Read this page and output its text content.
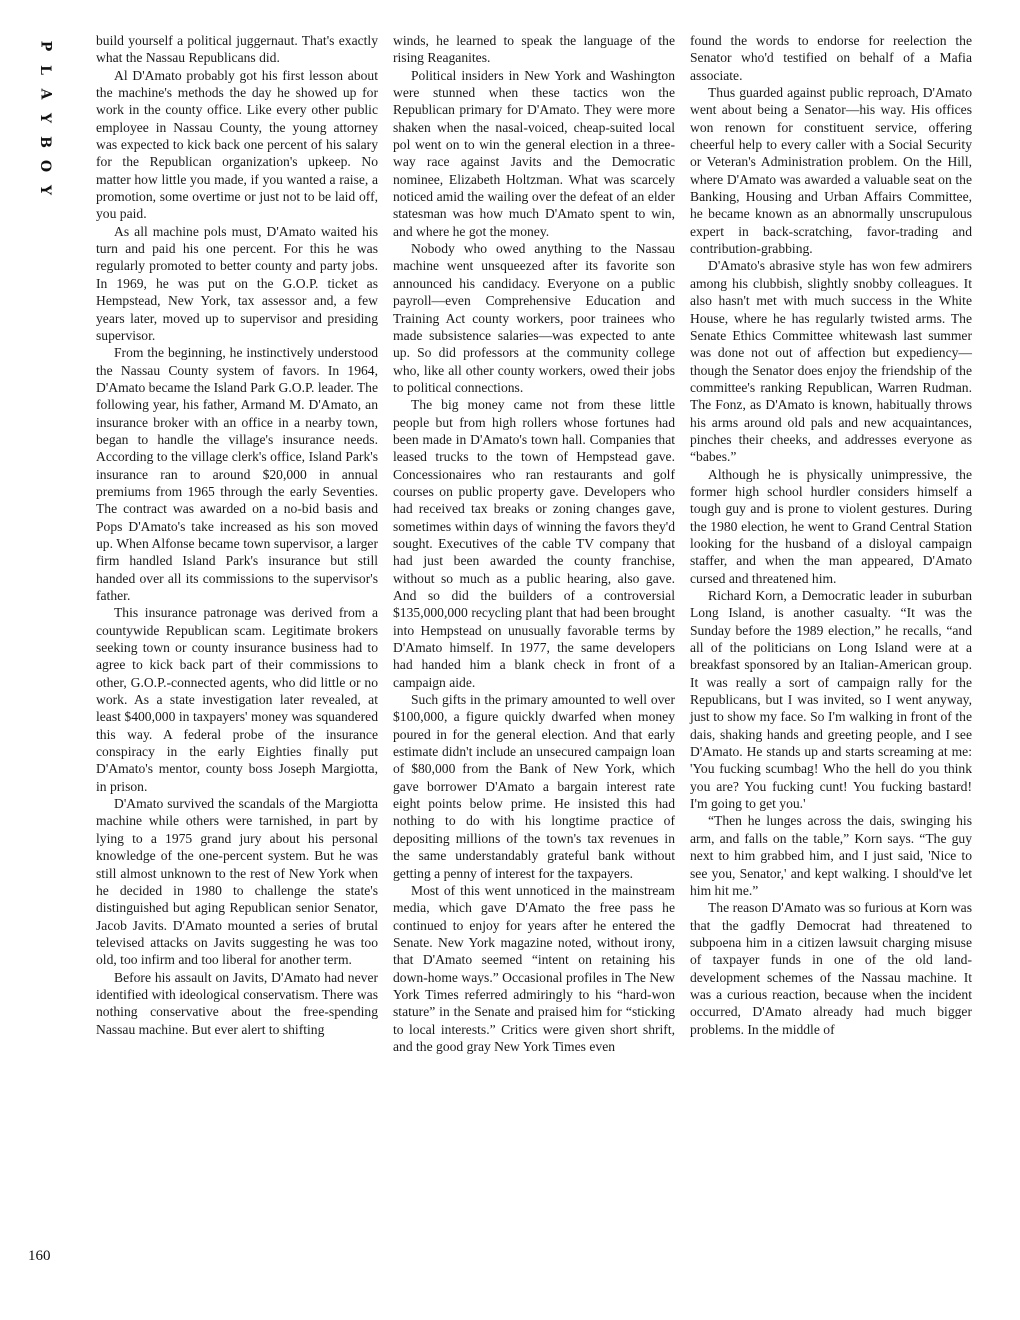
P
L
A
Y
B
O
Y
160

build yourself a political juggernaut. That's exactly what the Nassau Republicans did.

Al D'Amato probably got his first lesson about the machine's methods the day he showed up for work in the county office. Like every other public employee in Nassau County, the young attorney was expected to kick back one percent of his salary for the Republican organization's upkeep. No matter how little you made, if you wanted a raise, a promotion, some overtime or just not to be laid off, you paid.

As all machine pols must, D'Amato waited his turn and paid his one percent. For this he was regularly promoted to better county and party jobs. In 1969, he was put on the G.O.P. ticket as Hempstead, New York, tax assessor and, a few years later, moved up to supervisor and presiding supervisor.

From the beginning, he instinctively understood the Nassau County system of favors. In 1964, D'Amato became the Island Park G.O.P. leader. The following year, his father, Armand M. D'Amato, an insurance broker with an office in a nearby town, began to handle the village's insurance needs. According to the village clerk's office, Island Park's insurance ran to around $20,000 in annual premiums from 1965 through the early Seventies. The contract was awarded on a no-bid basis and Pops D'Amato's take increased as his son moved up. When Alfonse became town supervisor, a larger firm handled Island Park's insurance but still handed over all its commissions to the supervisor's father.

This insurance patronage was derived from a countywide Republican scam. Legitimate brokers seeking town or county insurance business had to agree to kick back part of their commissions to other, G.O.P.-connected agents, who did little or no work. As a state investigation later revealed, at least $400,000 in taxpayers' money was squandered this way. A federal probe of the insurance conspiracy in the early Eighties finally put D'Amato's mentor, county boss Joseph Margiotta, in prison.

D'Amato survived the scandals of the Margiotta machine while others were tarnished, in part by lying to a 1975 grand jury about his personal knowledge of the one-percent system. But he was still almost unknown to the rest of New York when he decided in 1980 to challenge the state's distinguished but aging Republican senior Senator, Jacob Javits. D'Amato mounted a series of brutal televised attacks on Javits suggesting he was too old, too infirm and too liberal for another term.

Before his assault on Javits, D'Amato had never identified with ideological conservatism. There was nothing conservative about the free-spending Nassau machine. But ever alert to shifting

winds, he learned to speak the language of the rising Reaganites.

Political insiders in New York and Washington were stunned when these tactics won the Republican primary for D'Amato. They were more shaken when the nasal-voiced, cheap-suited local pol went on to win the general election in a three-way race against Javits and the Democratic nominee, Elizabeth Holtzman. What was scarcely noticed amid the wailing over the defeat of an elder statesman was how much D'Amato spent to win, and where he got the money.

Nobody who owed anything to the Nassau machine went unsqueezed after its favorite son announced his candidacy. Everyone on a public payroll—even Comprehensive Education and Training Act county workers, poor trainees who made subsistence salaries—was expected to ante up. So did professors at the community college who, like all other county workers, owed their jobs to political connections.

The big money came not from these little people but from high rollers whose fortunes had been made in D'Amato's town hall. Companies that leased trucks to the town of Hempstead gave. Concessionaires who ran restaurants and golf courses on public property gave. Developers who had received tax breaks or zoning changes gave, sometimes within days of winning the favors they'd sought. Executives of the cable TV company that had just been awarded the county franchise, without so much as a public hearing, also gave. And so did the builders of a controversial $135,000,000 recycling plant that had been brought into Hempstead on unusually favorable terms by D'Amato himself. In 1977, the same developers had handed him a blank check in front of a campaign aide.

Such gifts in the primary amounted to well over $100,000, a figure quickly dwarfed when money poured in for the general election. And that early estimate didn't include an unsecured campaign loan of $80,000 from the Bank of New York, which gave borrower D'Amato a bargain interest rate eight points below prime. He insisted this had nothing to do with his longtime practice of depositing millions of the town's tax revenues in the same understandably grateful bank without getting a penny of interest for the taxpayers.

Most of this went unnoticed in the mainstream media, which gave D'Amato the free pass he continued to enjoy for years after he entered the Senate. New York magazine noted, without irony, that D'Amato seemed “intent on retaining his down-home ways.” Occasional profiles in The New York Times referred admiringly to his “hard-won stature” in the Senate and praised him for “sticking to local interests.” Critics were given short shrift, and the good gray New York Times even

found the words to endorse for reelection the Senator who'd testified on behalf of a Mafia associate.

Thus guarded against public reproach, D'Amato went about being a Senator—his way. His offices won renown for constituent service, offering cheerful help to every caller with a Social Security or Veteran's Administration problem. On the Hill, where D'Amato was awarded a valuable seat on the Banking, Housing and Urban Affairs Committee, he became known as an abnormally unscrupulous expert in back-scratching, favor-trading and contribution-grabbing.

D'Amato's abrasive style has won few admirers among his clubbish, slightly snobby colleagues. It also hasn't met with much success in the White House, where he has regularly twisted arms. The Senate Ethics Committee whitewash last summer was done not out of affection but expediency—though the Senator does enjoy the friendship of the committee's ranking Republican, Warren Rudman. The Fonz, as D'Amato is known, habitually throws his arms around old pals and new acquaintances, pinches their cheeks, and addresses everyone as “babes.”

Although he is physically unimpressive, the former high school hurdler considers himself a tough guy and is prone to violent gestures. During the 1980 election, he went to Grand Central Station looking for the husband of a disloyal campaign staffer, and when the man appeared, D'Amato cursed and threatened him.

Richard Korn, a Democratic leader in suburban Long Island, is another casualty. “It was the Sunday before the 1989 election,” he recalls, “and all of the politicians on Long Island were at a breakfast sponsored by an Italian-American group. It was really a sort of campaign rally for the Republicans, but I was invited, so I went anyway, just to show my face. So I'm walking in front of the dais, shaking hands and greeting people, and I see D'Amato. He stands up and starts screaming at me: 'You fucking scumbag! Who the hell do you think you are? You fucking cunt! You fucking bastard! I'm going to get you.'

“Then he lunges across the dais, swinging his arm, and falls on the table,” Korn says. “The guy next to him grabbed him, and I just said, 'Nice to see you, Senator,' and kept walking. I should've let him hit me.”

The reason D'Amato was so furious at Korn was that the gadfly Democrat had threatened to subpoena him in a citizen lawsuit charging misuse of taxpayer funds in one of the old land-development schemes of the Nassau machine. It was a curious reaction, because when the incident occurred, D'Amato already had much bigger problems. In the middle of
